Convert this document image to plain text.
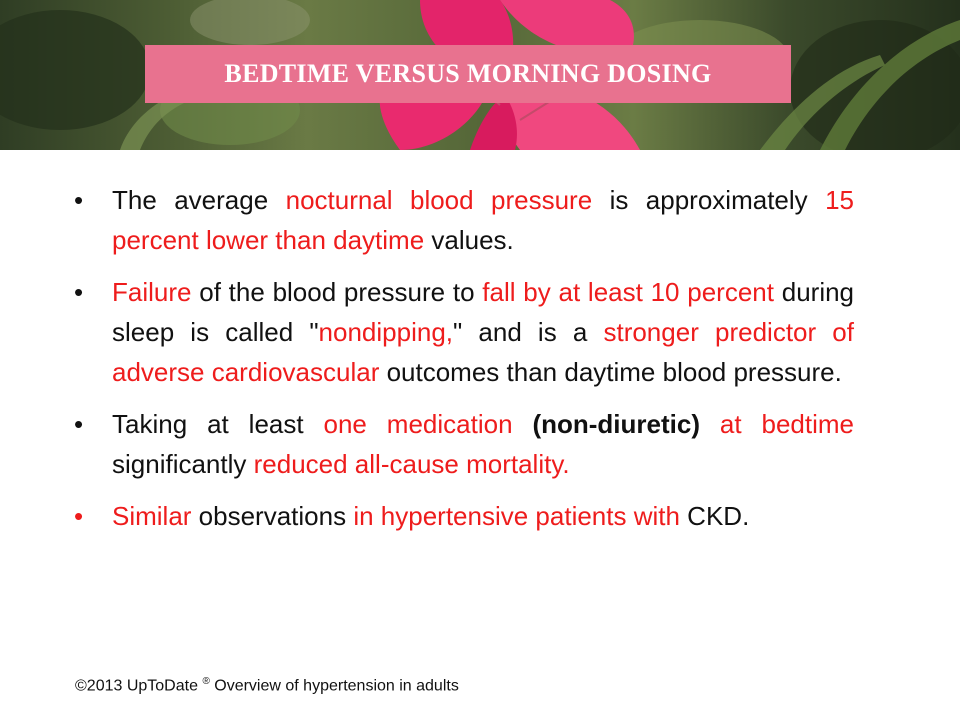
BEDTIME VERSUS MORNING DOSING
•	The average nocturnal blood pressure is approximately 15 percent lower than daytime values.
•	Failure of the blood pressure to fall by at least 10 percent during sleep is called "nondipping," and is a stronger predictor of adverse cardiovascular outcomes than daytime blood pressure.
•	Taking at least one medication (non-diuretic) at bedtime significantly reduced all-cause mortality.
•	Similar observations in hypertensive patients with CKD.
©2013 UpToDate ® Overview of hypertension in adults
